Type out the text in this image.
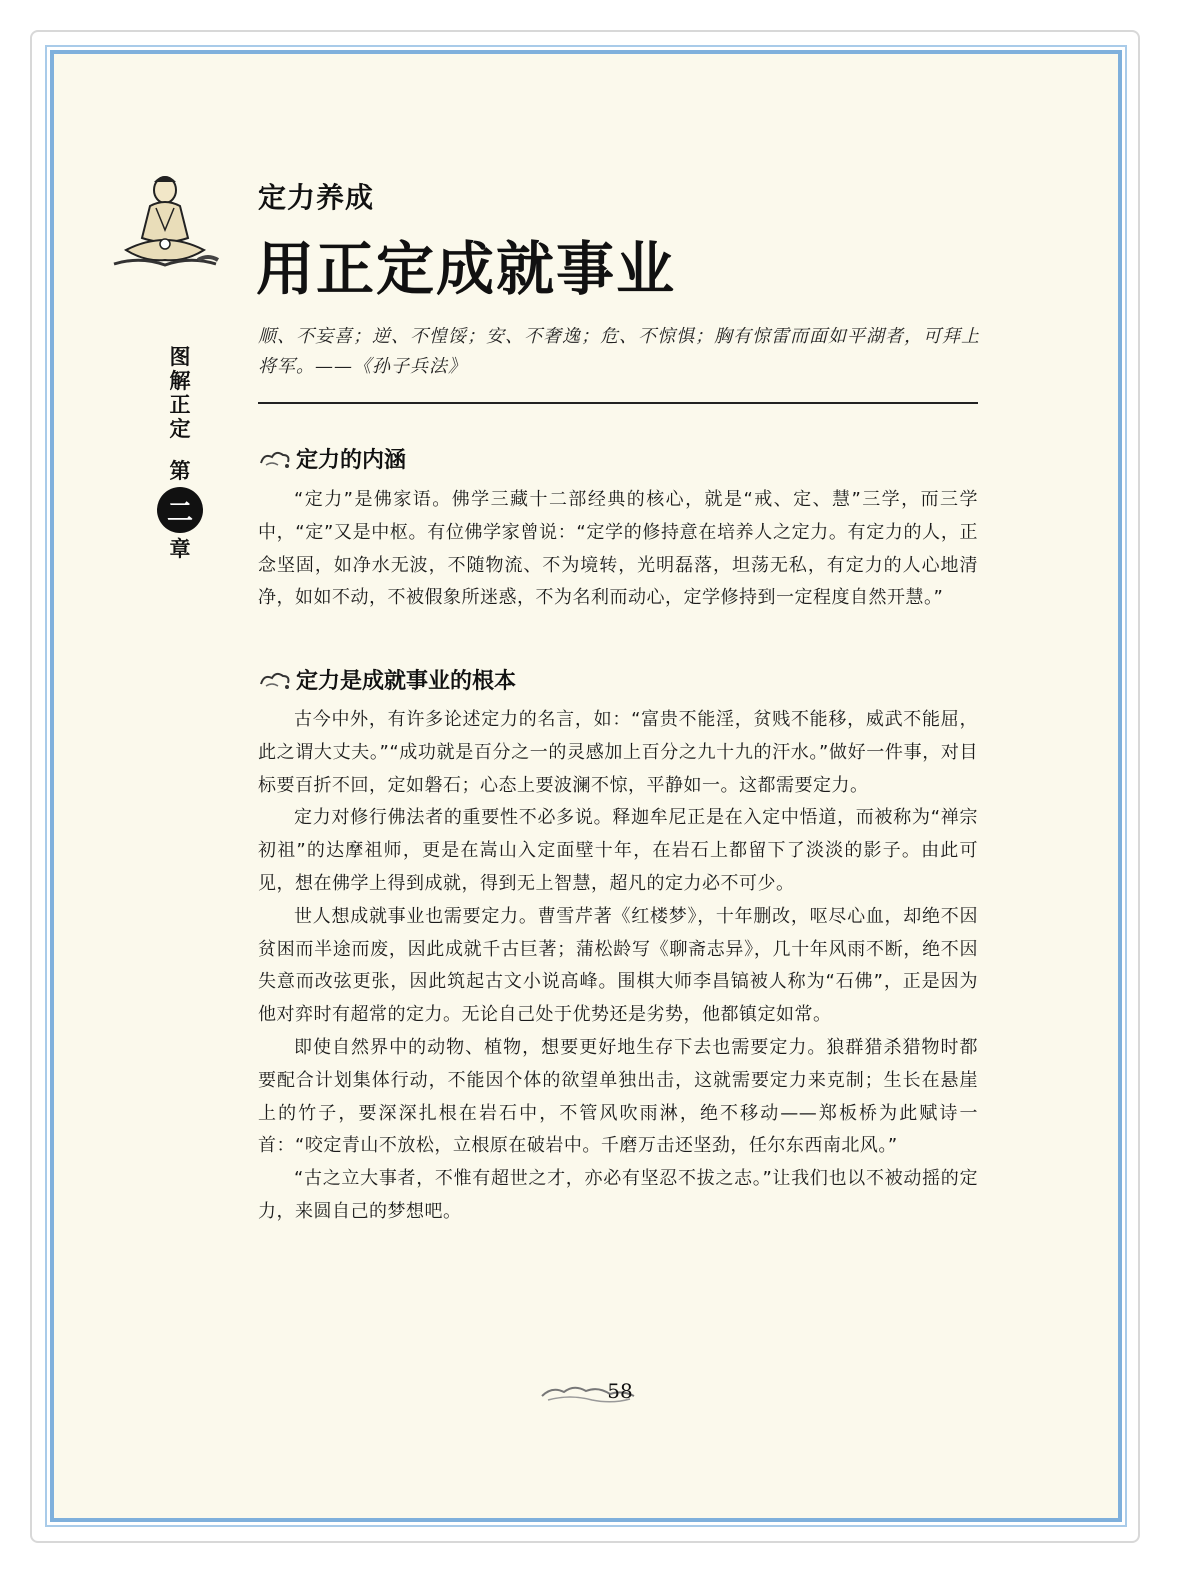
图
解
正
定
第
二
章
定力养成
用正定成就事业
顺、不妄喜；逆、不惶馁；安、不奢逸；危、不惊惧；胸有惊雷而面如平湖者，可拜上将军。——《孙子兵法》
定力的内涵

“定力”是佛家语。佛学三藏十二部经典的核心，就是“戒、定、慧”三学，而三学中，“定”又是中枢。有位佛学家曾说：“定学的修持意在培养人之定力。有定力的人，正念坚固，如净水无波，不随物流、不为境转，光明磊落，坦荡无私，有定力的人心地清净，如如不动，不被假象所迷惑，不为名利而动心，定学修持到一定程度自然开慧。”

定力是成就事业的根本

古今中外，有许多论述定力的名言，如：“富贵不能淫，贫贱不能移，威武不能屈，此之谓大丈夫。”“成功就是百分之一的灵感加上百分之九十九的汗水。”做好一件事，对目标要百折不回，定如磐石；心态上要波澜不惊，平静如一。这都需要定力。

定力对修行佛法者的重要性不必多说。释迦牟尼正是在入定中悟道，而被称为“禅宗初祖”的达摩祖师，更是在嵩山入定面壁十年，在岩石上都留下了淡淡的影子。由此可见，想在佛学上得到成就，得到无上智慧，超凡的定力必不可少。

世人想成就事业也需要定力。曹雪芹著《红楼梦》，十年删改，呕尽心血，却绝不因贫困而半途而废，因此成就千古巨著；蒲松龄写《聊斋志异》，几十年风雨不断，绝不因失意而改弦更张，因此筑起古文小说高峰。围棋大师李昌镐被人称为“石佛”，正是因为他对弈时有超常的定力。无论自己处于优势还是劣势，他都镇定如常。

即使自然界中的动物、植物，想要更好地生存下去也需要定力。狼群猎杀猎物时都要配合计划集体行动，不能因个体的欲望单独出击，这就需要定力来克制；生长在悬崖上的竹子，要深深扎根在岩石中，不管风吹雨淋，绝不移动——郑板桥为此赋诗一首：“咬定青山不放松，立根原在破岩中。千磨万击还坚劲，任尔东西南北风。”

“古之立大事者，不惟有超世之才，亦必有坚忍不拔之志。”让我们也以不被动摇的定力，来圆自己的梦想吧。

58
